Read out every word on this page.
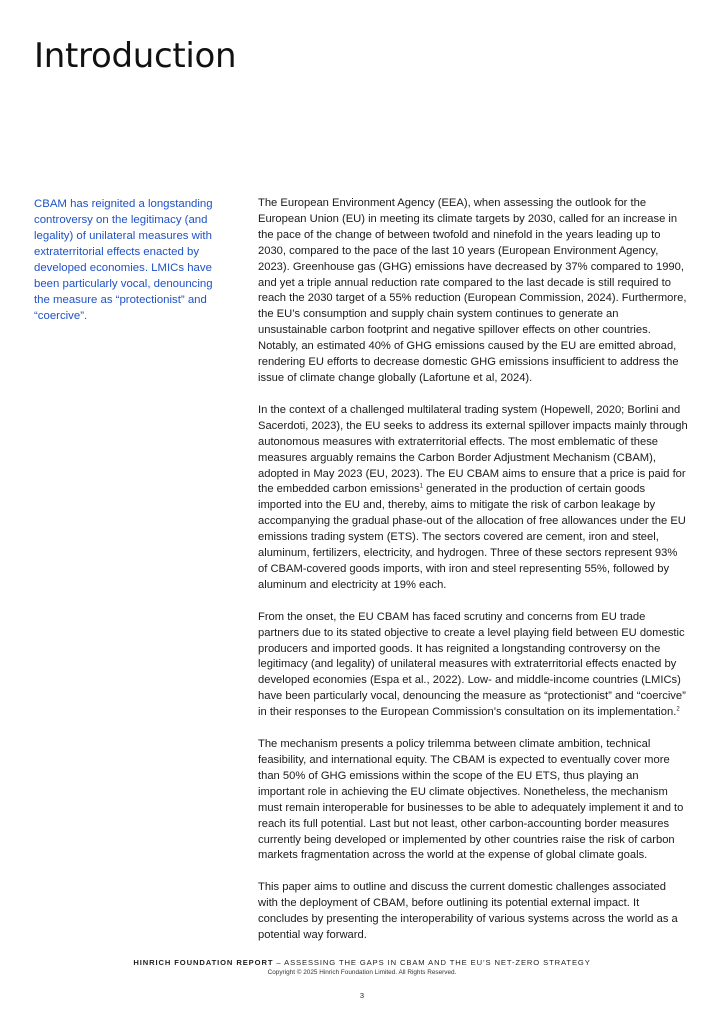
Introduction

CBAM has reignited a longstanding controversy on the legitimacy (and legality) of unilateral measures with extraterritorial effects enacted by developed economies. LMICs have been particularly vocal, denouncing the measure as “protectionist” and “coercive”.

The European Environment Agency (EEA), when assessing the outlook for the European Union (EU) in meeting its climate targets by 2030, called for an increase in the pace of the change of between twofold and ninefold in the years leading up to 2030, compared to the pace of the last 10 years (European Environment Agency, 2023). Greenhouse gas (GHG) emissions have decreased by 37% compared to 1990, and yet a triple annual reduction rate compared to the last decade is still required to reach the 2030 target of a 55% reduction (European Commission, 2024). Furthermore, the EU’s consumption and supply chain system continues to generate an unsustainable carbon footprint and negative spillover effects on other countries. Notably, an estimated 40% of GHG emissions caused by the EU are emitted abroad, rendering EU efforts to decrease domestic GHG emissions insufficient to address the issue of climate change globally (Lafortune et al, 2024).

In the context of a challenged multilateral trading system (Hopewell, 2020; Borlini and Sacerdoti, 2023), the EU seeks to address its external spillover impacts mainly through autonomous measures with extraterritorial effects. The most emblematic of these measures arguably remains the Carbon Border Adjustment Mechanism (CBAM), adopted in May 2023 (EU, 2023). The EU CBAM aims to ensure that a price is paid for the embedded carbon emissions$^1$ generated in the production of certain goods imported into the EU and, thereby, aims to mitigate the risk of carbon leakage by accompanying the gradual phase-out of the allocation of free allowances under the EU emissions trading system (ETS). The sectors covered are cement, iron and steel, aluminum, fertilizers, electricity, and hydrogen. Three of these sectors represent 93% of CBAM-covered goods imports, with iron and steel representing 55%, followed by aluminum and electricity at 19% each.

From the onset, the EU CBAM has faced scrutiny and concerns from EU trade partners due to its stated objective to create a level playing field between EU domestic producers and imported goods. It has reignited a longstanding controversy on the legitimacy (and legality) of unilateral measures with extraterritorial effects enacted by developed economies (Espa et al., 2022). Low- and middle-income countries (LMICs) have been particularly vocal, denouncing the measure as “protectionist” and “coercive” in their responses to the European Commission’s consultation on its implementation.$^2$

The mechanism presents a policy trilemma between climate ambition, technical feasibility, and international equity. The CBAM is expected to eventually cover more than 50% of GHG emissions within the scope of the EU ETS, thus playing an important role in achieving the EU climate objectives. Nonetheless, the mechanism must remain interoperable for businesses to be able to adequately implement it and to reach its full potential. Last but not least, other carbon-accounting border measures currently being developed or implemented by other countries raise the risk of carbon markets fragmentation across the world at the expense of global climate goals.

This paper aims to outline and discuss the current domestic challenges associated with the deployment of CBAM, before outlining its potential external impact. It concludes by presenting the interoperability of various systems across the world as a potential way forward.

HINRICH FOUNDATION REPORT – ASSESSING THE GAPS IN CBAM AND THE EU’S NET-ZERO STRATEGY
Copyright © 2025 Hinrich Foundation Limited. All Rights Reserved.
3
